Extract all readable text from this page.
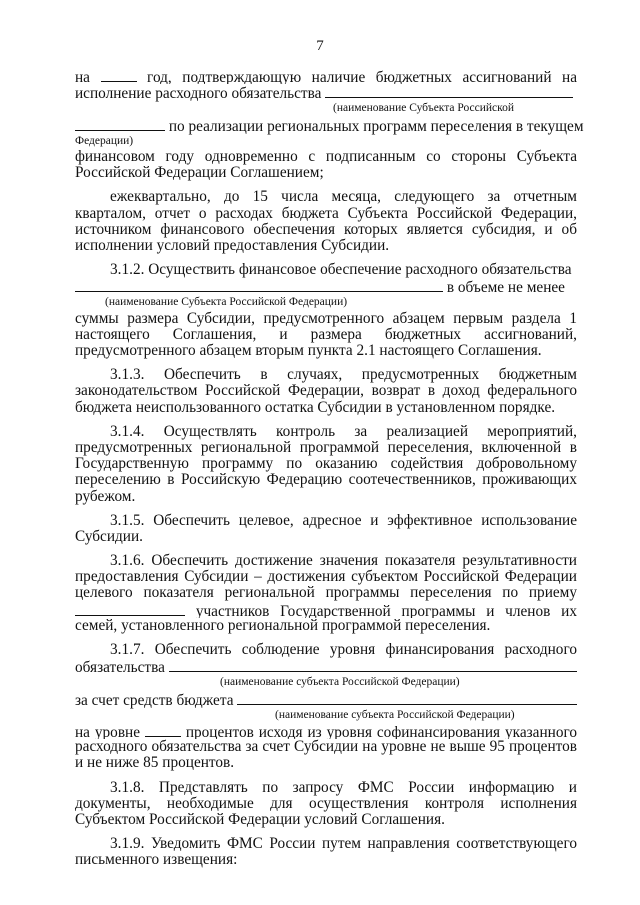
7
на	год, подтверждающую наличие бюджетных ассигнований на
исполнение расходного обязательства
(наименование Субъекта Российской
по реализации региональных программ переселения в текущем
Федерации)
финансовом году одновременно с подписанным со стороны Субъекта
Российской Федерации Соглашением;
ежеквартально, до 15 числа месяца, следующего за отчетным
кварталом, отчет о расходах бюджета Субъекта Российской Федерации,
источником финансового обеспечения которых является субсидия, и об
исполнении условий предоставления Субсидии.
3.1.2. Осуществить финансовое обеспечение расходного обязательства
в объеме не менее
(наименование Субъекта Российской Федерации)
суммы размера Субсидии, предусмотренного абзацем первым раздела 1
настоящего Соглашения, и размера бюджетных ассигнований,
предусмотренного абзацем вторым пункта 2.1 настоящего Соглашения.
3.1.3. Обеспечить в случаях, предусмотренных бюджетным
законодательством Российской Федерации, возврат в доход федерального
бюджета неиспользованного остатка Субсидии в установленном порядке.
3.1.4. Осуществлять контроль за реализацией мероприятий,
предусмотренных региональной программой переселения, включенной в
Государственную программу по оказанию содействия добровольному
переселению в Российскую Федерацию соотечественников, проживающих
рубежом.
3.1.5. Обеспечить целевое, адресное и эффективное использование
Субсидии.
3.1.6. Обеспечить достижение значения показателя результативности
предоставления Субсидии – достижения субъектом Российской Федерации
целевого показателя региональной программы переселения по приему
участников Государственной программы и членов их
семей, установленного региональной программой переселения.
3.1.7. Обеспечить соблюдение уровня финансирования расходного
обязательства
(наименование субъекта Российской Федерации)
за счет средств бюджета
(наименование субъекта Российской Федерации)
на уровне	процентов исходя из уровня софинансирования указанного
расходного обязательства за счет Субсидии на уровне не выше 95 процентов
и не ниже 85 процентов.
3.1.8. Представлять по запросу ФМС России информацию и
документы, необходимые для осуществления контроля исполнения
Субъектом Российской Федерации условий Соглашения.
3.1.9. Уведомить ФМС России путем направления соответствующего
письменного извещения:
